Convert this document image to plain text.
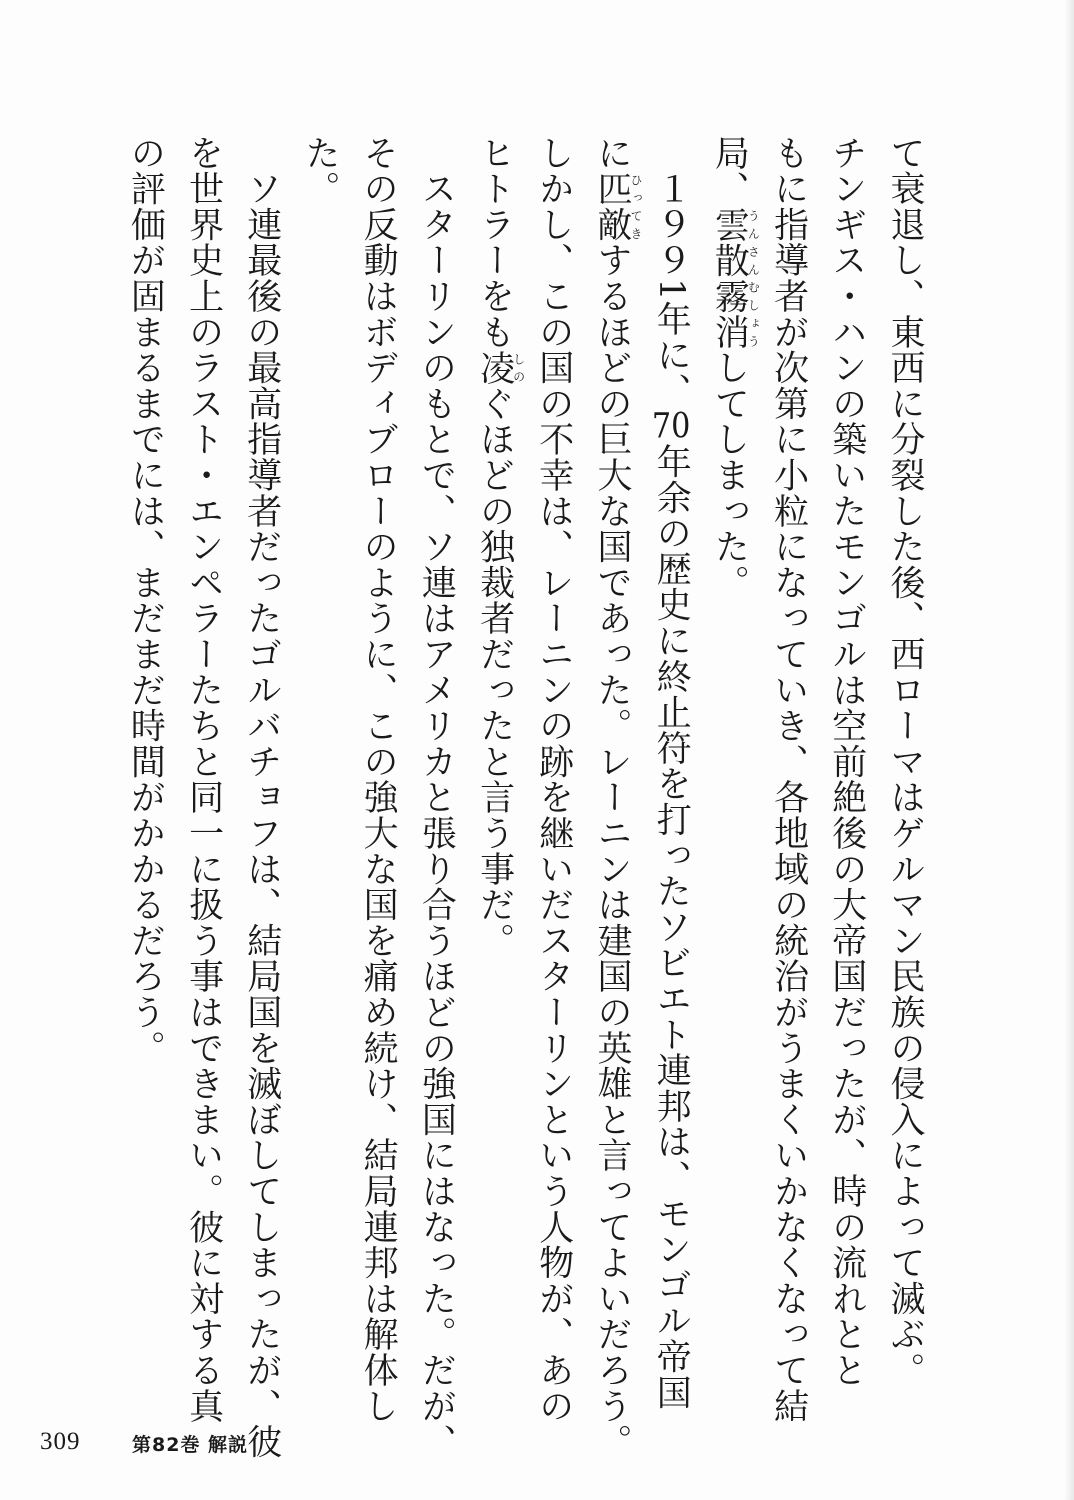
て衰退し、東西に分裂した後、西ローマはゲルマン民族の侵入によって滅ぶ。
チンギス・ハンの築いたモンゴルは空前絶後の大帝国だったが、時の流れとと
もに指導者が次第に小粒になっていき、各地域の統治がうまくいかなくなって結
局、雲散霧消うんさんむしょうしてしまった。
　１９９1年に、70年余の歴史に終止符を打ったソビエト連邦は、モンゴル帝国
に匹敵ひってきするほどの巨大な国であった。レーニンは建国の英雄と言ってよいだろう。
しかし、この国の不幸は、レーニンの跡を継いだスターリンという人物が、あの
ヒトラーをも凌しのぐほどの独裁者だったと言う事だ。
　スターリンのもとで、ソ連はアメリカと張り合うほどの強国にはなった。だが、
その反動はボディブローのように、この強大な国を痛め続け、結局連邦は解体し
た。
　ソ連最後の最高指導者だったゴルバチョフは、結局国を滅ぼしてしまったが、彼
を世界史上のラスト・エンペラーたちと同一に扱う事はできまい。彼に対する真
の評価が固まるまでには、まだまだ時間がかかるだろう。
309	第82巻 解説
